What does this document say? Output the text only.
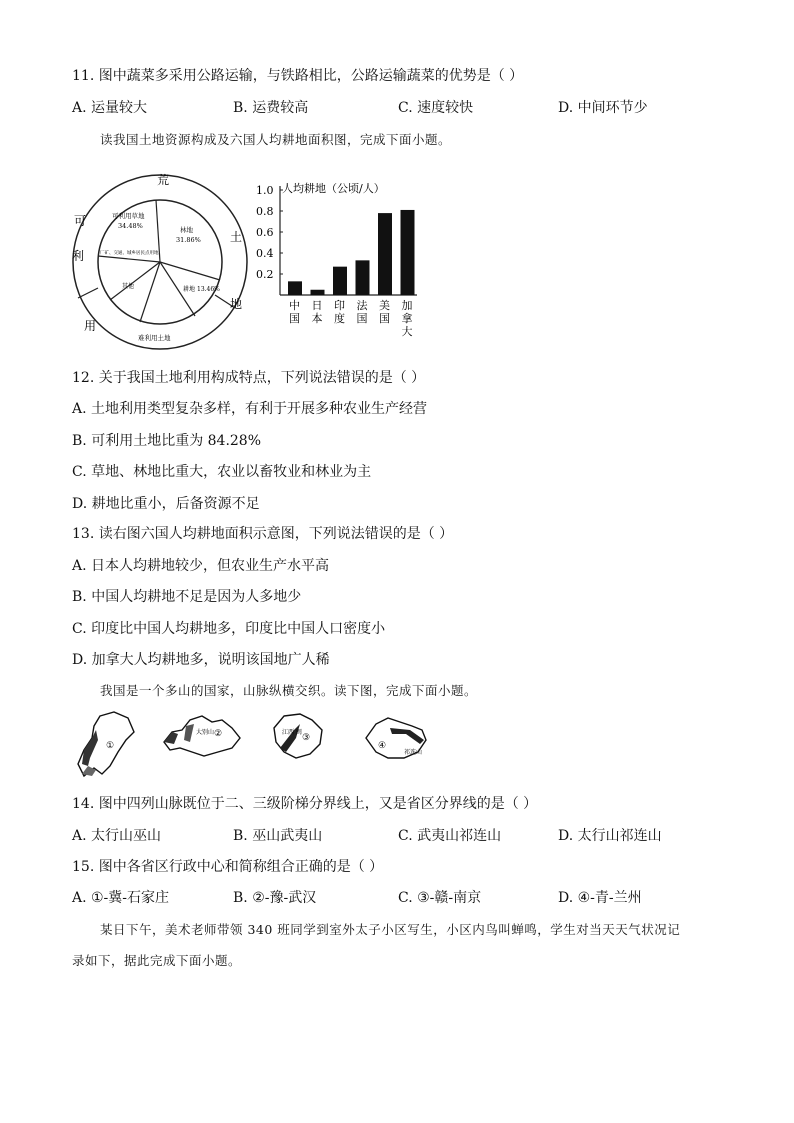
11. 图中蔬菜多采用公路运输，与铁路相比，公路运输蔬菜的优势是（ ）
A. 运量较大	B. 运费较高	C. 速度较快	D. 中间环节少
读我国土地资源构成及六国人均耕地面积图，完成下面小题。
荒
土
地
可
利
用
可利用草地
34.48%	林地
31.86%
耕地 13.46%
厂矿、交通、城乡居民点用地
其他
难利用土地
人均耕地（公顷/人）
0.2
0.4
0.6
0.8
1.0
中
国
日
本
印
度
法
国
美
国
加
拿
大
12. 关于我国土地利用构成特点，下列说法错误的是（ ）
A. 土地利用类型复杂多样，有利于开展多种农业生产经营
B. 可利用土地比重为 84.28%
C. 草地、林地比重大，农业以畜牧业和林业为主
D. 耕地比重小，后备资源不足
13. 读右图六国人均耕地面积示意图，下列说法错误的是（ ）
A. 日本人均耕地较少，但农业生产水平高
B. 中国人均耕地不足是因为人多地少
C. 印度比中国人均耕地多，印度比中国人口密度小
D. 加拿大人均耕地多，说明该国地广人稀
我国是一个多山的国家，山脉纵横交织。读下图，完成下面小题。
①
大别山 ②	江西 闽
③
祁连山
④
14. 图中四列山脉既位于二、三级阶梯分界线上，又是省区分界线的是（ ）
A. 太行山巫山	B. 巫山武夷山	C. 武夷山祁连山	D. 太行山祁连山
15. 图中各省区行政中心和简称组合正确的是（ ）
A. ①-冀-石家庄	B. ②-豫-武汉	C. ③-赣-南京	D. ④-青-兰州
某日下午，美术老师带领 340 班同学到室外太子小区写生，小区内鸟叫蝉鸣，学生对当天天气状况记
录如下，据此完成下面小题。
